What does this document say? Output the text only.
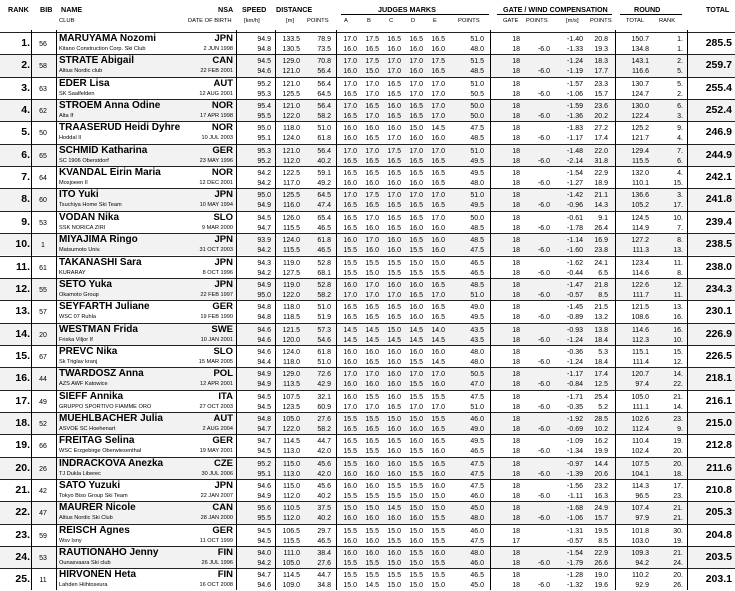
RANK BIB NAME
CLUB
NSA
DATE OF BIRTH
SPEED
[km/h]
DISTANCE
[m] POINTS
JUDGES MARKS
A	B	C	D	E	POINTS
GATE / WIND COMPENSATION
GATE POINTS	[m/s] POINTS
ROUND
TOTAL	RANK
TOTAL
1.	56
MARUYAMA Nozomi
Kitano Construction Corp. Ski Club
JPN
2 JUN 1998
94.9 133.5 78.9 17.0 17.5 16.5 16.5 16.5	51.0	18	-1.40 20.8	150.7	1.
94.8 130.5 73.5 16.0 16.5 16.0 16.0 16.0	48.0	18	-6.0 -1.33 19.3	134.8	1.
285.5
2.	58
STRATE Abigail
Altius Nordic club
CAN
22 FEB 2001
94.5 129.0 70.8 17.0 17.5 17.0 17.0 17.5	51.5	18	-1.24 18.3	143.1	2.
94.6 121.0 56.4 16.0 15.0 17.0 16.0 16.5	48.5	18	-6.0 -1.19 17.7	116.6	5.
259.7
3.	63
EDER Lisa
SK Saalfelden
AUT
12 AUG 2001
95.2 121.0 56.4 17.0 17.0 16.5 17.0 17.0	51.0	18	-1.57 23.3	130.7	5.
95.3 125.5 64.5 16.5 17.0 16.5 17.0 17.0	50.5	18	-6.0 -1.06 15.7	124.7	2.
255.4
4.	62
STROEM Anna Odine
Alta If
NOR
17 APR 1998
95.4 121.0 56.4 17.0 16.5 16.0 16.5 17.0	50.0	18	-1.59 23.6	130.0	6.
95.5 122.0 58.2 16.5 17.0 16.5 16.5 17.0	50.0	18	-6.0 -1.36 20.2	122.4	3.
252.4
5.	50
TRAASERUD Heidi Dyhre
Hoddal Il
NOR
10 JUL 2003
95.0 118.0 51.0 16.0 16.0 16.0 15.0 14.5	47.5	18	-1.83 27.2	125.2	9.
95.1 124.0 61.8 16.0 16.5 17.0 16.0 16.0	48.5	18	-6.0 -1.17 17.4	121.7	4.
246.9
6.	65
SCHMID Katharina
SC 1906 Oberstdorf
GER
23 MAY 1996
95.3 121.0 56.4 17.0 17.0 17.5 17.0 17.0	51.0	18	-1.48 22.0	129.4	7.
95.2 112.0 40.2 16.5 16.5 16.5 16.5 16.5	49.5	18	-6.0 -2.14 31.8	115.5	6.
244.9
7.	64
KVANDAL Eirin Maria
Mosjoeen Il
NOR
12 DEC 2001
94.2 122.5 59.1 16.5 16.5 16.5 16.5 16.5	49.5	18	-1.54 22.9	132.0	4.
94.2 117.0 49.2 16.0 16.0 16.0 16.0 16.5	48.0	18	-6.0 -1.27 18.9	110.1	15.
242.1
8.	60
ITO Yuki
Tsuchiya Home Ski Team
JPN
10 MAY 1994
95.0 125.5 64.5 17.0 17.5 17.0 17.0 17.0	51.0	18	-1.42 21.1	136.6	3.
94.9 116.0 47.4 16.5 16.5 16.5 16.5 16.5	49.5	18	-6.0 -0.96 14.3	105.2	17.
241.8
9.	53
VODAN Nika
SSK NORICA ZIRI
SLO
9 MAR 2000
94.5 126.0 65.4 16.5 17.0 16.5 16.5 17.0	50.0	18	-0.61 9.1	124.5	10.
94.7 115.5 46.5 16.5 16.0 16.5 16.0 16.0	48.5	18	-6.0 -1.78 26.4	114.9	7.
239.4
10.	1
MIYAJIMA Ringo
Matsumoto Univ.
JPN
31 OCT 2003
93.9 124.0 61.8 16.0 17.0 16.0 16.5 16.0	48.5	18	-1.14 16.9	127.2	8.
94.2 115.5 46.5 15.5 16.0 16.0 15.5 16.0	47.5	18	-6.0 -1.60 23.8	111.3	13.
238.5
11.	61
TAKANASHI Sara
KURARAY
JPN
8 OCT 1996
94.3 119.0 52.8 15.5 15.5 15.5 15.0 15.0	46.5	18	-1.62 24.1	123.4	11.
94.2 127.5 68.1 15.5 15.0 15.5 15.5 15.5	46.5	18	-6.0 -0.44 6.5	114.6	8.
238.0
12.	55
SETO Yuka
Okamoto Group
JPN
22 FEB 1997
94.9 119.0 52.8 16.0 17.0 16.0 16.0 16.5	48.5	18	-1.47 21.8	122.6	12.
95.0 122.0 58.2 17.0 17.0 17.0 16.5 17.0	51.0	18	-6.0 -0.57 8.5	111.7	11.
234.3
13.	57
SEYFARTH Juliane
WSC 07 Ruhla
GER
19 FEB 1990
94.8 118.0 51.0 16.5 16.5 16.5 16.0 16.5	49.0	18	-1.45 21.5	121.5	13.
94.8 118.5 51.9 16.5 16.5 16.5 16.0 16.5	49.5	18	-6.0 -0.89 13.2	108.6	16.
230.1
14.	20
WESTMAN Frida
Friska Viljor If
SWE
10 JAN 2001
94.6 121.5 57.3 14.5 14.5 15.0 14.5 14.0	43.5	18	-0.93 13.8	114.6	16.
94.6 120.0 54.6 14.5 14.5 14.5 14.5 14.5	43.5	18	-6.0 -1.24 18.4	112.3	10.
226.9
15.	67
PREVC Nika
Sk Triglav kranj
SLO
15 MAR 2005
94.6 124.0 61.8 16.0 16.0 16.0 16.0 16.0	48.0	18	-0.36 5.3	115.1	15.
94.4 118.0 51.0 16.0 16.5 16.0 15.5 14.5	48.0	18	-6.0 -1.24 18.4	111.4	12.
226.5
16.	44
TWARDOSZ Anna
AZS AWF Katowice
POL
12 APR 2001
94.9 129.0 72.6 17.0 17.0 16.0 17.0 17.0	50.5	18	-1.17 17.4	120.7	14.
94.9 113.5 42.9 16.0 16.0 16.0 15.5 16.0	47.0	18	-6.0 -0.84 12.5	97.4	22.
218.1
17.	49
SIEFF Annika
GRUPPO SPORTIVO FIAMME ORO
ITA
27 OCT 2003
94.5 107.5 32.1 16.0 15.5 16.0 15.5 15.5	47.5	18	-1.71 25.4	105.0	21.
94.5 123.5 60.9 17.0 17.0 16.5 17.0 17.0	51.0	18	-6.0 -0.35 5.2	111.1	14.
216.1
18.	52
MUEHLBACHER Julia
ASVOE SC Hoehenart
AUT
2 AUG 2004
94.8 105.0 27.6 15.5 15.5 15.0 15.0 15.5	46.0	18	-1.92 28.5	102.6	23.
94.7 122.0 58.2 16.5 16.5 16.0 16.0 16.5	49.0	18	-6.0 -0.69 10.2	112.4	9.
215.0
19.	66
FREITAG Selina
WSC Erzgebirge Oberwiesenthal
GER
19 MAY 2001
94.7 114.5 44.7 16.5 16.5 16.5 16.0 16.5	49.5	18	-1.09 16.2	110.4	19.
94.5 113.0 42.0 15.5 15.5 16.0 15.5 16.0	46.5	18	-6.0 -1.34 19.9	102.4	20.
212.8
20.	26
INDRACKOVA Anezka
TJ Dukla Liberec
CZE
30 JUL 2006
95.2 115.0 45.6 15.5 16.0 16.0 15.5 16.5	47.5	18	-0.97 14.4	107.5	20.
95.1 113.0 42.0 16.0 16.0 16.0 15.5 16.0	47.5	18	-6.0 -1.39 20.6	104.1	18.
211.6
21.	42
SATO Yuzuki
Tokyo Biso Group Ski Team
JPN
22 JAN 2007
94.6 115.0 45.6 16.0 16.0 15.5 15.5 16.0	47.5	18	-1.56 23.2	114.3	17.
94.9 112.0 40.2 15.5 15.5 15.5 15.0 15.0	46.0	18	-6.0	-1.11 16.3	96.5	23.
210.8
22.	47
MAURER Nicole
Altius Nordic Ski Club
CAN
28 JAN 2000
95.6 110.5 37.5 15.0 15.0 14.5 15.0 15.0	45.0	18	-1.68 24.9	107.4	21.
95.5 112.0 40.2 16.0 16.0 16.0 16.0 15.5	48.0	18	-6.0 -1.06 15.7	97.9	21.
205.3
23.	59
REISCH Agnes
Wsv Isny
GER
11 OCT 1999
94.5 106.5 29.7 15.5 15.5 15.0 15.0 15.5	46.0	18	-1.31 19.5	101.8	30.
94.5 115.5 46.5 16.0 16.0 15.5 16.0 15.5	47.5	17	-0.57 8.5	103.0	19.
204.8
24.	53
RAUTIONAHO Jenny
Ounasvaara Ski club
FIN
26 JUL 1996
94.0 111.0 38.4 16.0 16.0 16.0 15.5 16.0	48.0	18	-1.54 22.9	109.3	21.
94.2 105.0 27.6 15.5 15.5 15.0 15.0 15.5	46.0	18	-6.0 -1.79 26.6	94.2	24.
203.5
25.	11
HIRVONEN Heta
Lahden Hiihtoseura
FIN
16 OCT 2008
94.7 114.5 44.7 15.5 15.5 15.5 15.5 15.5	46.5	18	-1.28 19.0	110.2	20.
94.6 109.0 34.8 15.0 14.5 15.0 15.0 15.0	45.0	18	-6.0 -1.32 19.6	92.9	26.
203.1
